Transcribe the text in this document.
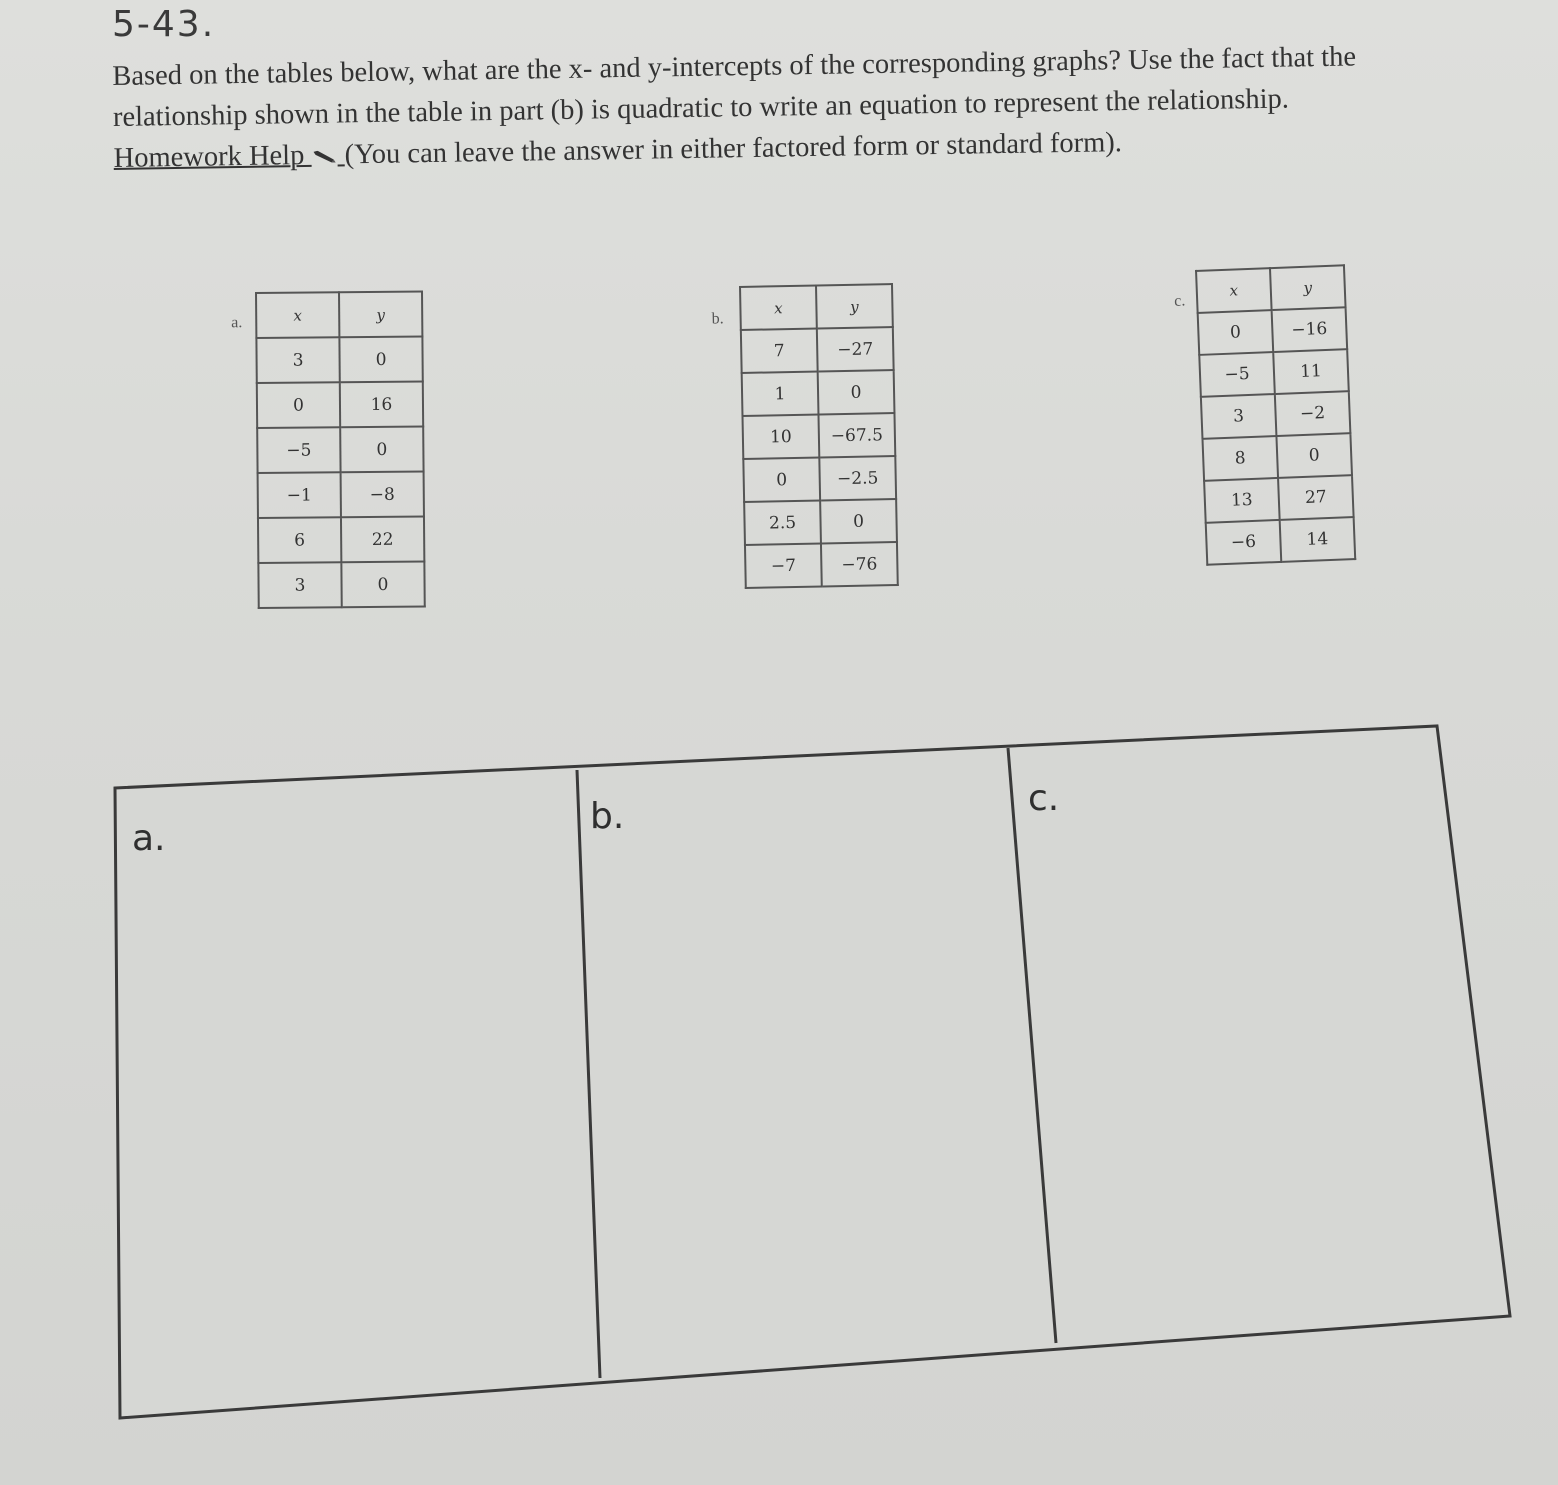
5-43.
Based on the tables below, what are the x- and y-intercepts of the corresponding graphs? Use the fact that the relationship shown in the table in part (b) is quadratic to write an equation to represent the relationship. Homework Help (You can leave the answer in either factored form or standard form).
a.	x	y
3	0
0	16
−5	0
−1	−8
6	22
3	0
b.
x	y
7	−27
1	0
10	−67.5
0	−2.5
2.5	0
−7	−76
c.
x	y
0	−16
−5	11
3	−2
8	0
13	27
−6	14
a.
b.	c.
